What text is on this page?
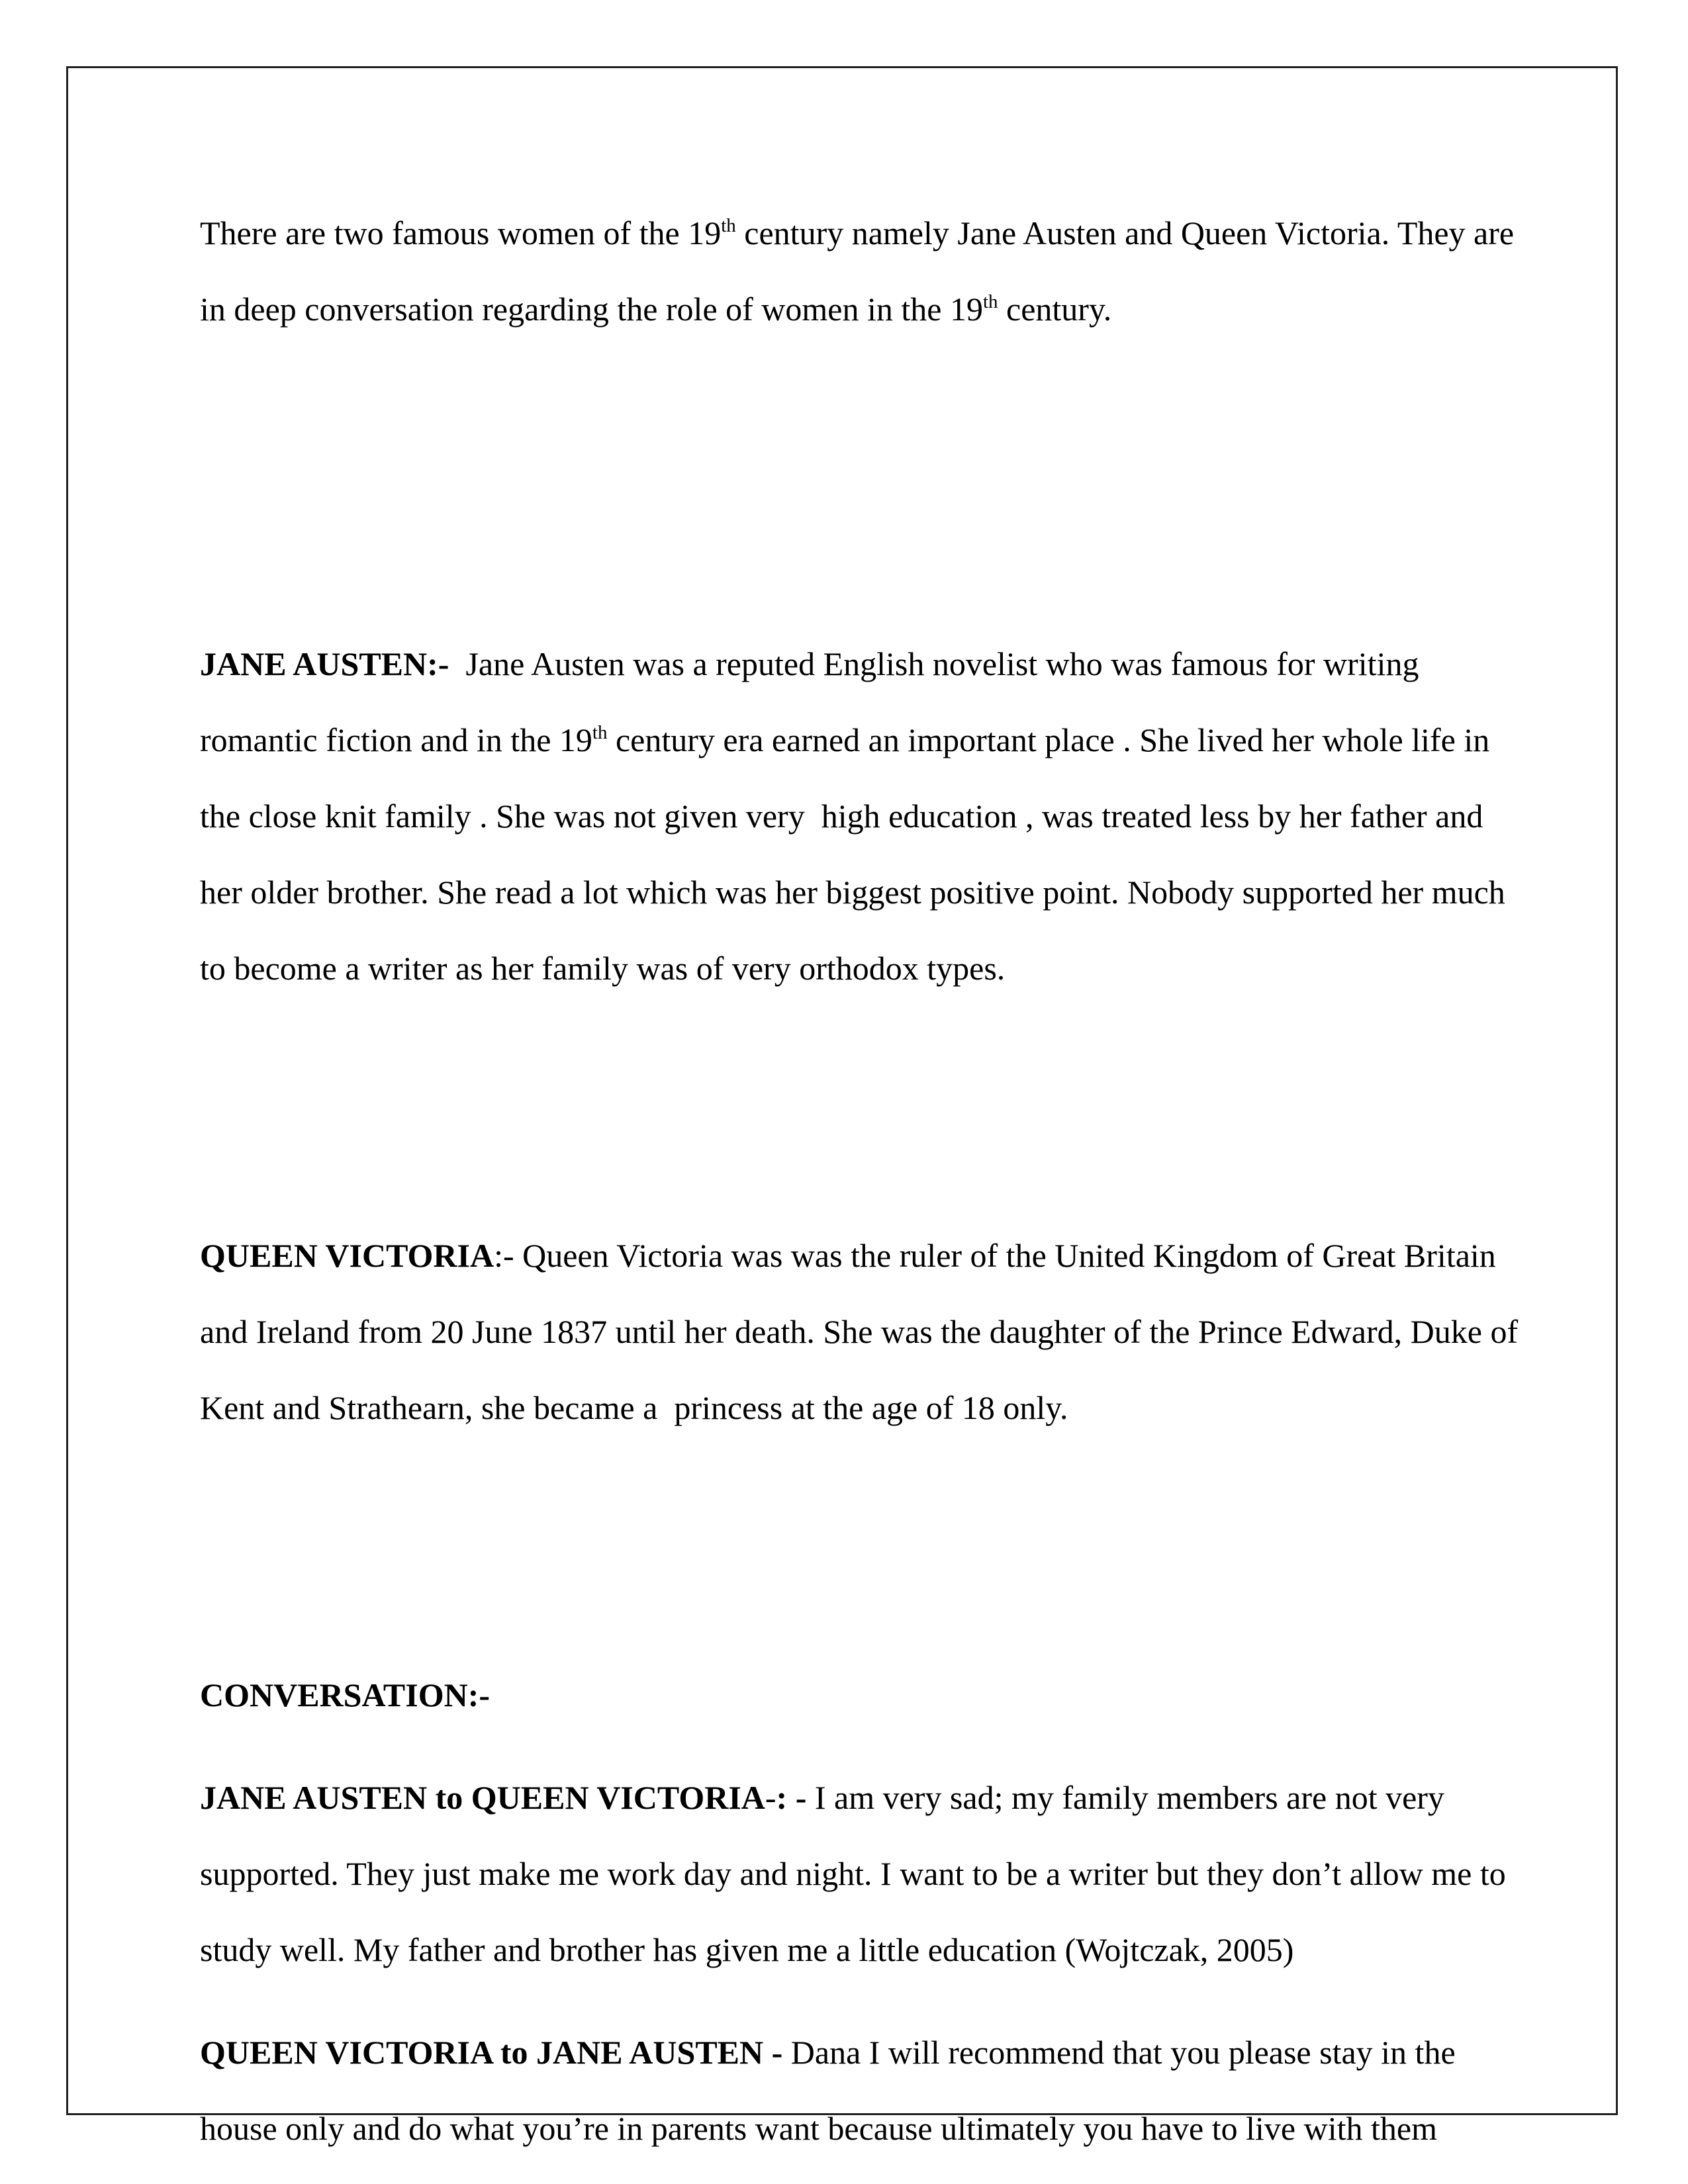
There are two famous women of the 19th century namely Jane Austen and Queen Victoria. They are in deep conversation regarding the role of women in the 19th century.

JANE AUSTEN:-  Jane Austen was a reputed English novelist who was famous for writing romantic fiction and in the 19th century era earned an important place . She lived her whole life in the close knit family . She was not given very  high education , was treated less by her father and her older brother. She read a lot which was her biggest positive point. Nobody supported her much to become a writer as her family was of very orthodox types.

QUEEN VICTORIA:- Queen Victoria was was the ruler of the United Kingdom of Great Britain and Ireland from 20 June 1837 until her death. She was the daughter of the Prince Edward, Duke of Kent and Strathearn, she became a  princess at the age of 18 only.

CONVERSATION:-

JANE AUSTEN to QUEEN VICTORIA-: - I am very sad; my family members are not very supported. They just make me work day and night. I want to be a writer but they don’t allow me to study well. My father and brother has given me a little education (Wojtczak, 2005)

QUEEN VICTORIA to JANE AUSTEN - Dana I will recommend that you please stay in the house only and do what you’re in parents want because ultimately you have to live with them
